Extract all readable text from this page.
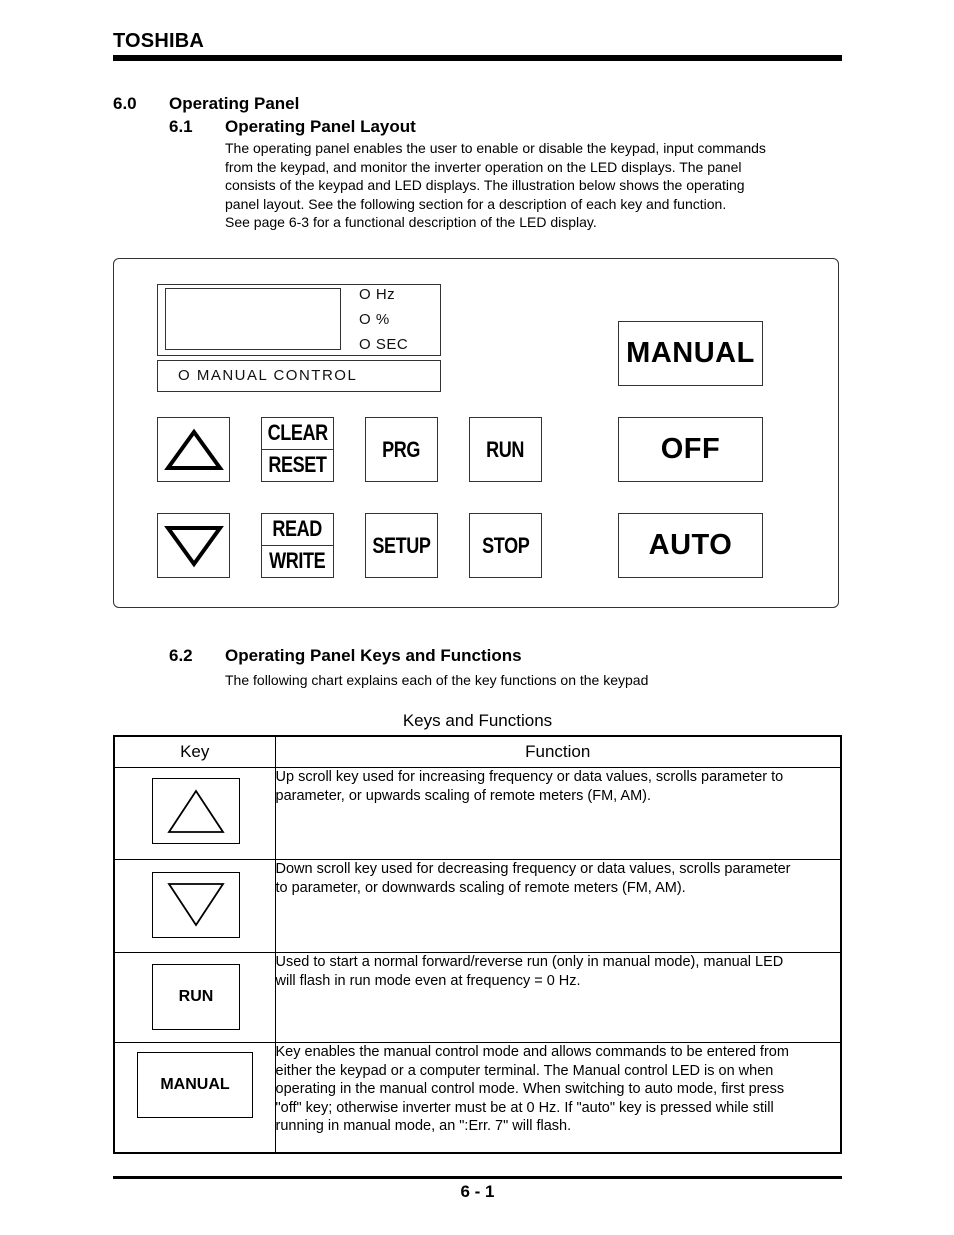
TOSHIBA
6.0 Operating Panel
6.1 Operating Panel Layout
The operating panel enables the user to enable or disable the keypad, input commands
from the keypad, and monitor the inverter operation on the LED displays. The panel
consists of the keypad and LED displays. The illustration below shows the operating
panel layout. See the following section for a description of each key and function.
See page 6-3 for a functional description of the LED display.
O Hz
O %
O SEC
O MANUAL CONTROL
CLEAR
RESET
READ
WRITE
PRG
SETUP
RUN
STOP
MANUAL
OFF
AUTO
6.2 Operating Panel Keys and Functions
The following chart explains each of the key functions on the keypad
Keys and Functions
Key	Function

Up scroll key used for increasing frequency or data values, scrolls parameter to
parameter, or upwards scaling of remote meters (FM, AM).

Down scroll key used for decreasing frequency or data values, scrolls parameter
to parameter, or downwards scaling of remote meters (FM, AM).

RUN	Used to start a normal forward/reverse run (only in manual mode), manual LED
will flash in run mode even at frequency = 0 Hz.

MANUAL	Key enables the manual control mode and allows commands to be entered from
either the keypad or a computer terminal. The Manual control LED is on when
operating in the manual control mode. When switching to auto mode, first press
"off" key; otherwise inverter must be at 0 Hz. If "auto" key is pressed while still
running in manual mode, an ":Err. 7" will flash.
6 - 1
